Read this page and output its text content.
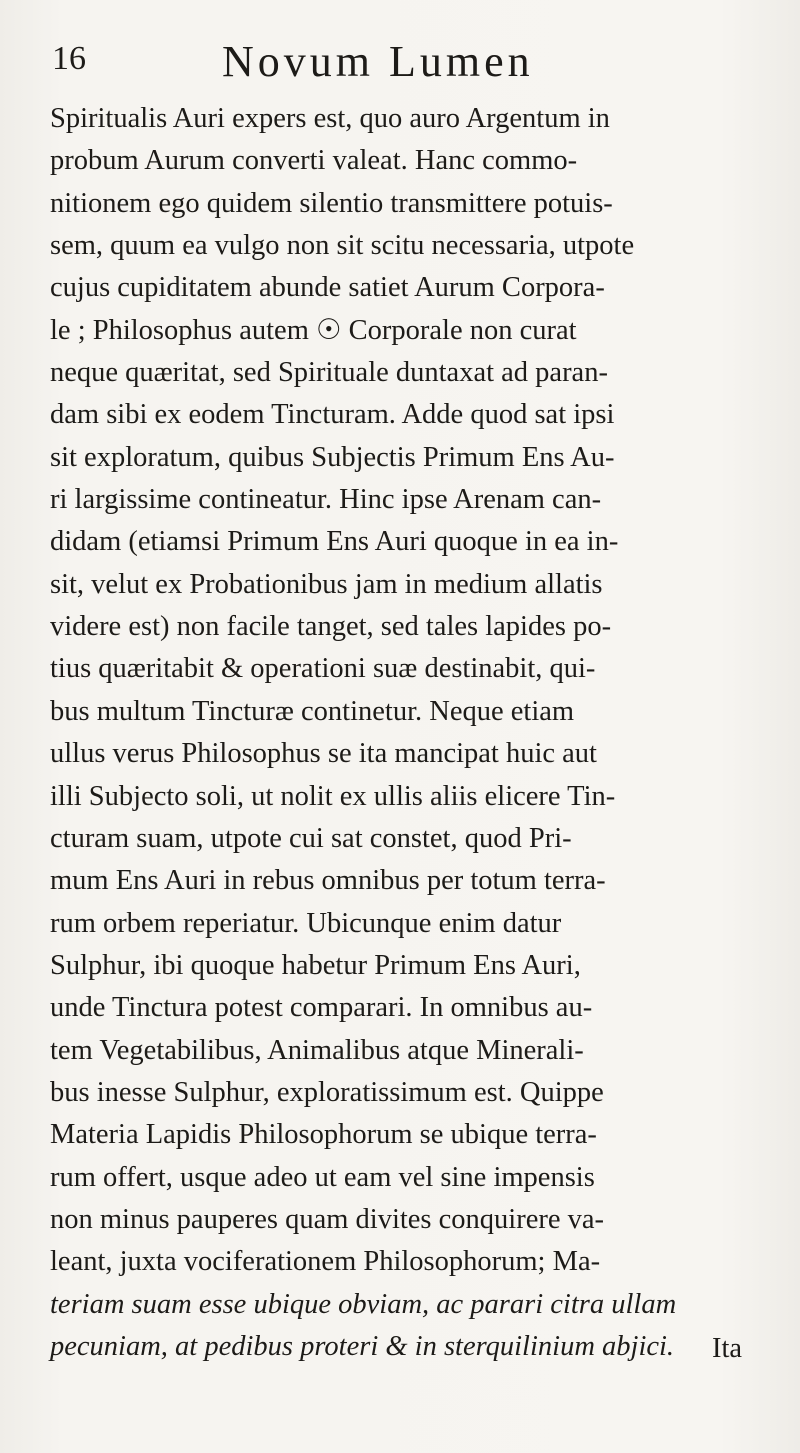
16	Novum Lumen
Spiritualis Auri expers est, quo auro Argentum in
probum Aurum converti valeat. Hanc commo-
nitionem ego quidem silentio transmittere potuis-
sem, quum ea vulgo non sit scitu necessaria, utpote
cujus cupiditatem abunde satiet Aurum Corpora-
le ; Philosophus autem ☉ Corporale non curat
neque quæritat, sed Spirituale duntaxat ad paran-
dam sibi ex eodem Tincturam. Adde quod sat ipsi
sit exploratum, quibus Subjectis Primum Ens Au-
ri largissime contineatur. Hinc ipse Arenam can-
didam (etiamsi Primum Ens Auri quoque in ea in-
sit, velut ex Probationibus jam in medium allatis
videre est) non facile tanget, sed tales lapides po-
tius quæritabit & operationi suæ destinabit, qui-
bus multum Tincturæ continetur. Neque etiam
ullus verus Philosophus se ita mancipat huic aut
illi Subjecto soli, ut nolit ex ullis aliis elicere Tin-
cturam suam, utpote cui sat constet, quod Pri-
mum Ens Auri in rebus omnibus per totum terra-
rum orbem reperiatur. Ubicunque enim datur
Sulphur, ibi quoque habetur Primum Ens Auri,
unde Tinctura potest comparari. In omnibus au-
tem Vegetabilibus, Animalibus atque Minerali-
bus inesse Sulphur, exploratissimum est. Quippe
Materia Lapidis Philosophorum se ubique terra-
rum offert, usque adeo ut eam vel sine impensis
non minus pauperes quam divites conquirere va-
leant, juxta vociferationem Philosophorum; Ma-
teriam suam esse ubique obviam, ac parari citra ullam
pecuniam, at pedibus proteri & in sterquilinium abjici.	Ita
